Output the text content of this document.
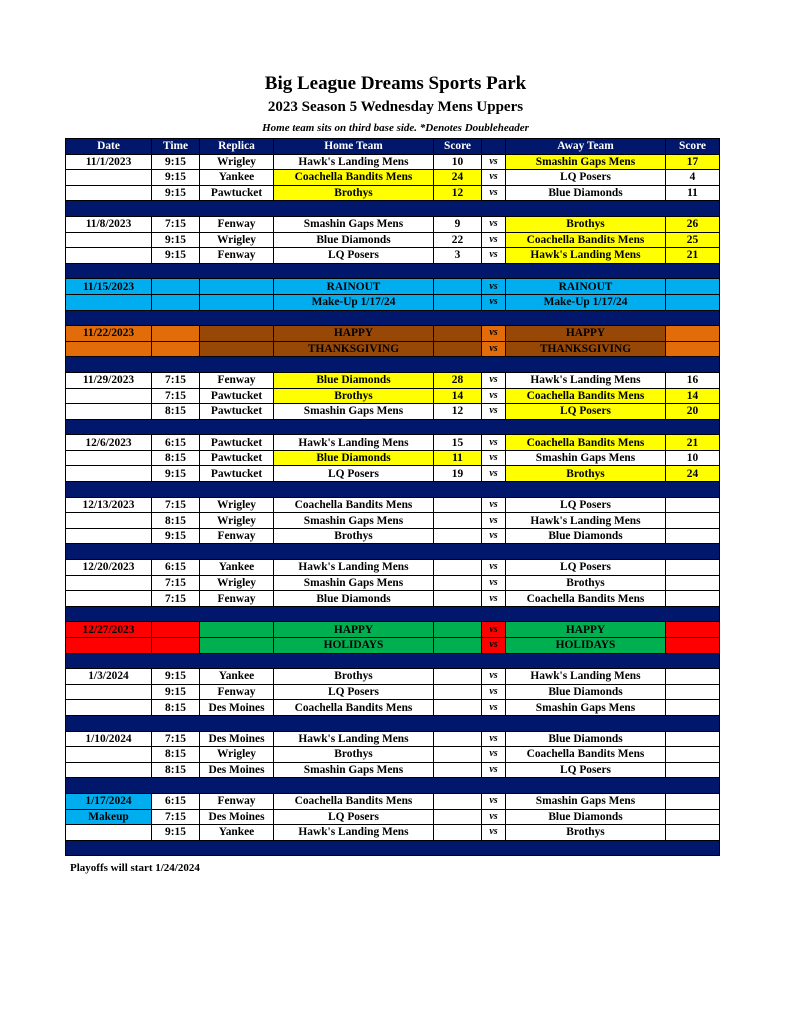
Big League Dreams Sports Park
2023 Season 5 Wednesday Mens Uppers
Home team sits on third base side. *Denotes Doubleheader
Date	Time	Replica	Home Team	Score		Away Team	Score
11/1/2023	9:15	Wrigley	Hawk's Landing Mens	10	vs	Smashin Gaps Mens	17
	9:15	Yankee	Coachella Bandits Mens	24	vs	LQ Posers	4
	9:15	Pawtucket	Brothys	12	vs	Blue Diamonds	11

11/8/2023	7:15	Fenway	Smashin Gaps Mens	9	vs	Brothys	26
	9:15	Wrigley	Blue Diamonds	22	vs	Coachella Bandits Mens	25
	9:15	Fenway	LQ Posers	3	vs	Hawk's Landing Mens	21

11/15/2023			RAINOUT		vs	RAINOUT	
			Make-Up 1/17/24		vs	Make-Up 1/17/24	

11/22/2023			HAPPY		vs	HAPPY	
			THANKSGIVING		vs	THANKSGIVING	

11/29/2023	7:15	Fenway	Blue Diamonds	28	vs	Hawk's Landing Mens	16
	7:15	Pawtucket	Brothys	14	vs	Coachella Bandits Mens	14
	8:15	Pawtucket	Smashin Gaps Mens	12	vs	LQ Posers	20

12/6/2023	6:15	Pawtucket	Hawk's Landing Mens	15	vs	Coachella Bandits Mens	21
	8:15	Pawtucket	Blue Diamonds	11	vs	Smashin Gaps Mens	10
	9:15	Pawtucket	LQ Posers	19	vs	Brothys	24

12/13/2023	7:15	Wrigley	Coachella Bandits Mens		vs	LQ Posers	
	8:15	Wrigley	Smashin Gaps Mens		vs	Hawk's Landing Mens	
	9:15	Fenway	Brothys		vs	Blue Diamonds	

12/20/2023	6:15	Yankee	Hawk's Landing Mens		vs	LQ Posers	
	7:15	Wrigley	Smashin Gaps Mens		vs	Brothys	
	7:15	Fenway	Blue Diamonds		vs	Coachella Bandits Mens	

12/27/2023			HAPPY		vs	HAPPY	
			HOLIDAYS		vs	HOLIDAYS	

1/3/2024	9:15	Yankee	Brothys		vs	Hawk's Landing Mens	
	9:15	Fenway	LQ Posers		vs	Blue Diamonds	
	8:15	Des Moines	Coachella Bandits Mens		vs	Smashin Gaps Mens	

1/10/2024	7:15	Des Moines	Hawk's Landing Mens		vs	Blue Diamonds	
	8:15	Wrigley	Brothys		vs	Coachella Bandits Mens	
	8:15	Des Moines	Smashin Gaps Mens		vs	LQ Posers	

1/17/2024	6:15	Fenway	Coachella Bandits Mens		vs	Smashin Gaps Mens	
Makeup	7:15	Des Moines	LQ Posers		vs	Blue Diamonds	
	9:15	Yankee	Hawk's Landing Mens		vs	Brothys	

Playoffs will start 1/24/2024
